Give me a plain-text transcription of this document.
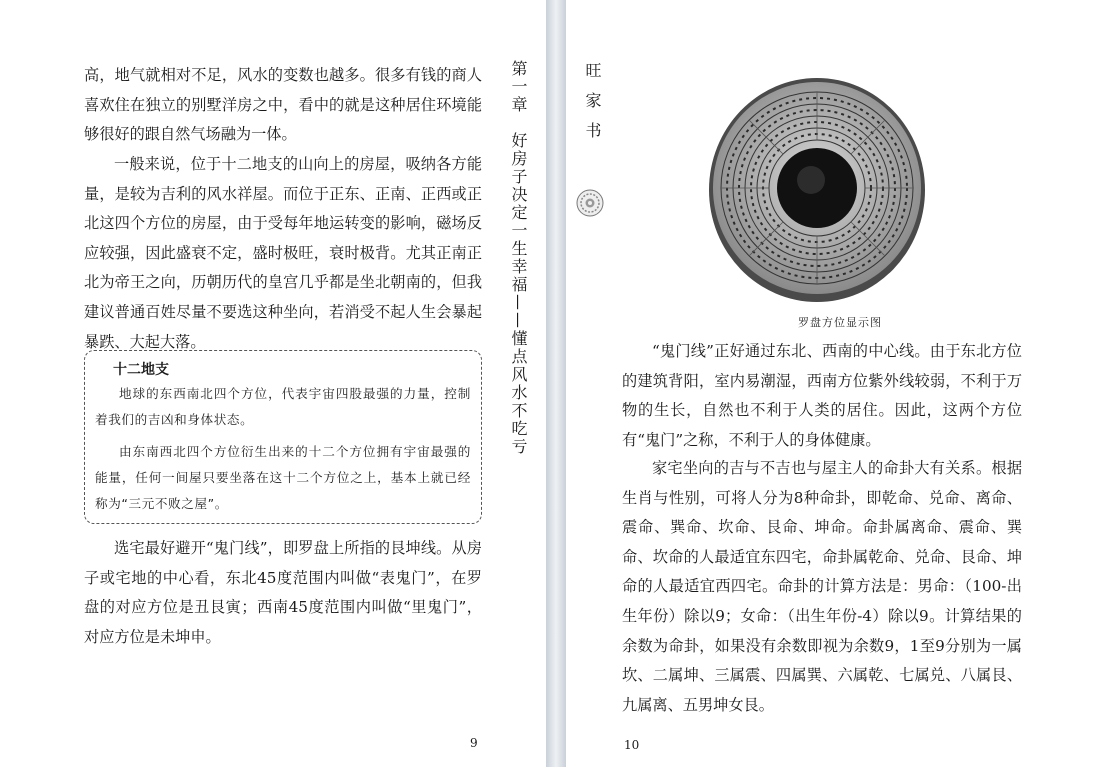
高，地气就相对不足，风水的变数也越多。很多有钱的商人喜欢住在独立的别墅洋房之中，看中的就是这种居住环境能够很好的跟自然气场融为一体。

一般来说，位于十二地支的山向上的房屋，吸纳各方能量，是较为吉利的风水祥屋。而位于正东、正南、正西或正北这四个方位的房屋，由于受每年地运转变的影响，磁场反应较强，因此盛衰不定，盛时极旺，衰时极背。尤其正南正北为帝王之向，历朝历代的皇宫几乎都是坐北朝南的，但我建议普通百姓尽量不要选这种坐向，若消受不起人生会暴起暴跌、大起大落。

十二地支

地球的东西南北四个方位，代表宇宙四股最强的力量，控制着我们的吉凶和身体状态。

由东南西北四个方位衍生出来的十二个方位拥有宇宙最强的能量，任何一间屋只要坐落在这十二个方位之上，基本上就已经称为“三元不败之屋”。

选宅最好避开“鬼门线”，即罗盘上所指的艮坤线。从房子或宅地的中心看，东北45度范围内叫做“表鬼门”，在罗盘的对应方位是丑艮寅；西南45度范围内叫做“里鬼门”，对应方位是未坤申。

第一章　好房子决定一生幸福——懂点风水不吃亏
9
旺家书

“鬼门线”正好通过东北、西南的中心线。由于东北方位的建筑背阳，室内易潮湿，西南方位紫外线较弱，不利于万物的生长，自然也不利于人类的居住。因此，这两个方位有“鬼门”之称，不利于人的身体健康。

家宅坐向的吉与不吉也与屋主人的命卦大有关系。根据生肖与性别，可将人分为8种命卦，即乾命、兑命、离命、震命、巽命、坎命、艮命、坤命。命卦属离命、震命、巽命、坎命的人最适宜东四宅，命卦属乾命、兑命、艮命、坤命的人最适宜西四宅。命卦的计算方法是：男命：（100-出生年份）除以9；女命：（出生年份-4）除以9。计算结果的余数为命卦，如果没有余数即视为余数9，1至9分别为一属坎、二属坤、三属震、四属巽、六属乾、七属兑、八属艮、九属离、五男坤女艮。

10
罗盘方位显示图
